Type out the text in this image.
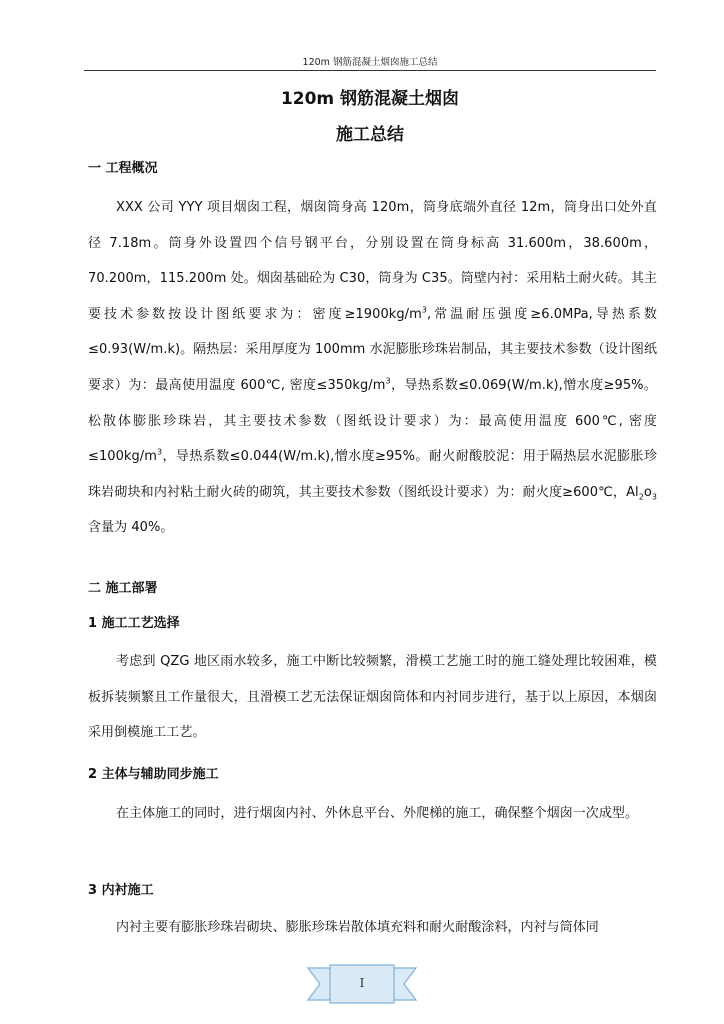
120m 钢筋混凝土烟囱施工总结
120m 钢筋混凝土烟囱
施工总结
一 工程概况
XXX 公司 YYY 项目烟囱工程，烟囱筒身高 120m，筒身底端外直径 12m，筒身出口处外直径 7.18m。筒身外设置四个信号钢平台，分别设置在筒身标高 31.600m，38.600m，70.200m，115.200m 处。烟囱基础砼为 C30，筒身为 C35。筒壁内衬：采用粘土耐火砖。其主要技术参数按设计图纸要求为：密度$\ge 1900kg/m^3$,常温耐压强度≥6.0MPa,导热系数≤0.93(W/m.k)。隔热层：采用厚度为 100mm 水泥膨胀珍珠岩制品，其主要技术参数（设计图纸要求）为：最高使用温度 600℃, 密度$\le 350kg/m^3$，导热系数≤0.069(W/m.k),憎水度≥95%。松散体膨胀珍珠岩，其主要技术参数（图纸设计要求）为：最高使用温度 600℃, 密度$\le 100kg/m^3$，导热系数≤0.044(W/m.k),憎水度≥95%。耐火耐酸胶泥：用于隔热层水泥膨胀珍珠岩砌块和内衬粘土耐火砖的砌筑，其主要技术参数（图纸设计要求）为：耐火度≥600℃，$Al_2o_3$ 含量为 40%。
二 施工部署
1 施工工艺选择
考虑到 QZG 地区雨水较多，施工中断比较频繁，滑模工艺施工时的施工缝处理比较困难，模板拆装频繁且工作量很大，且滑模工艺无法保证烟囱筒体和内衬同步进行，基于以上原因，本烟囱采用倒模施工工艺。
2 主体与辅助同步施工
在主体施工的同时，进行烟囱内衬、外休息平台、外爬梯的施工，确保整个烟囱一次成型。
3 内衬施工
内衬主要有膨胀珍珠岩砌块、膨胀珍珠岩散体填充料和耐火耐酸涂料，内衬与筒体同
I
